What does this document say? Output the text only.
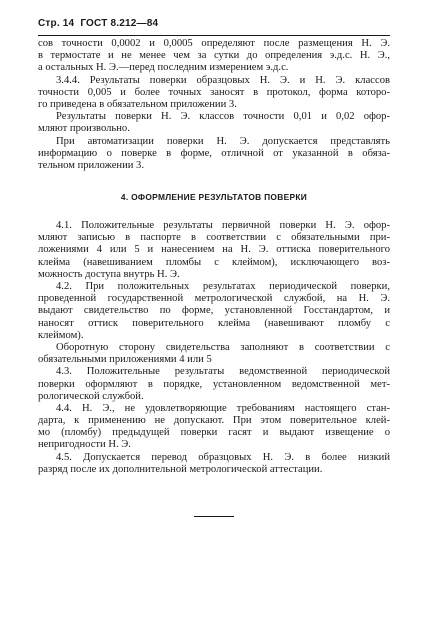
Стр. 14 ГОСТ 8.212—84
сов точности 0,0002 и 0,0005 определяют после размещения Н. Э.
в термостате и не менее чем за сутки до определения э.д.с. Н. Э.,
а остальных Н. Э.—перед последним измерением э.д.с.
3.4.4. Результаты поверки образцовых Н. Э. и Н. Э. классов
точности 0,005 и более точных заносят в протокол, форма которо-
го приведена в обязательном приложении 3.
Результаты поверки Н. Э. классов точности 0,01 и 0,02 офор-
мляют произвольно.
При автоматизации поверки Н. Э. допускается представлять
информацию о поверке в форме, отличной от указанной в обяза-
тельном приложении 3.
4. ОФОРМЛЕНИЕ РЕЗУЛЬТАТОВ ПОВЕРКИ
4.1. Положительные результаты первичной поверки Н. Э. офор-
мляют записью в паспорте в соответствии с обязательными при-
ложениями 4 или 5 и нанесением на Н. Э. оттиска поверительного
клейма (навешиванием пломбы с клеймом), исключающего воз-
можность доступа внутрь Н. Э.
4.2. При положительных результатах периодической поверки,
проведенной государственной метрологической службой, на Н. Э.
выдают свидетельство по форме, установленной Госстандартом, и
наносят оттиск поверительного клейма (навешивают пломбу с
клеймом).
Оборотную сторону свидетельства заполняют в соответствии с
обязательными приложениями 4 или 5
4.3. Положительные результаты ведомственной периодической
поверки оформляют в порядке, установленном ведомственной мет-
рологической службой.
4.4. Н. Э., не удовлетворяющие требованиям настоящего стан-
дарта, к применению не допускают. При этом поверительное клей-
мо (пломбу) предыдущей поверки гасят и выдают извещение о
непригодности Н. Э.
4.5. Допускается перевод образцовых Н. Э. в более низкий
разряд после их дополнительной метрологической аттестации.
